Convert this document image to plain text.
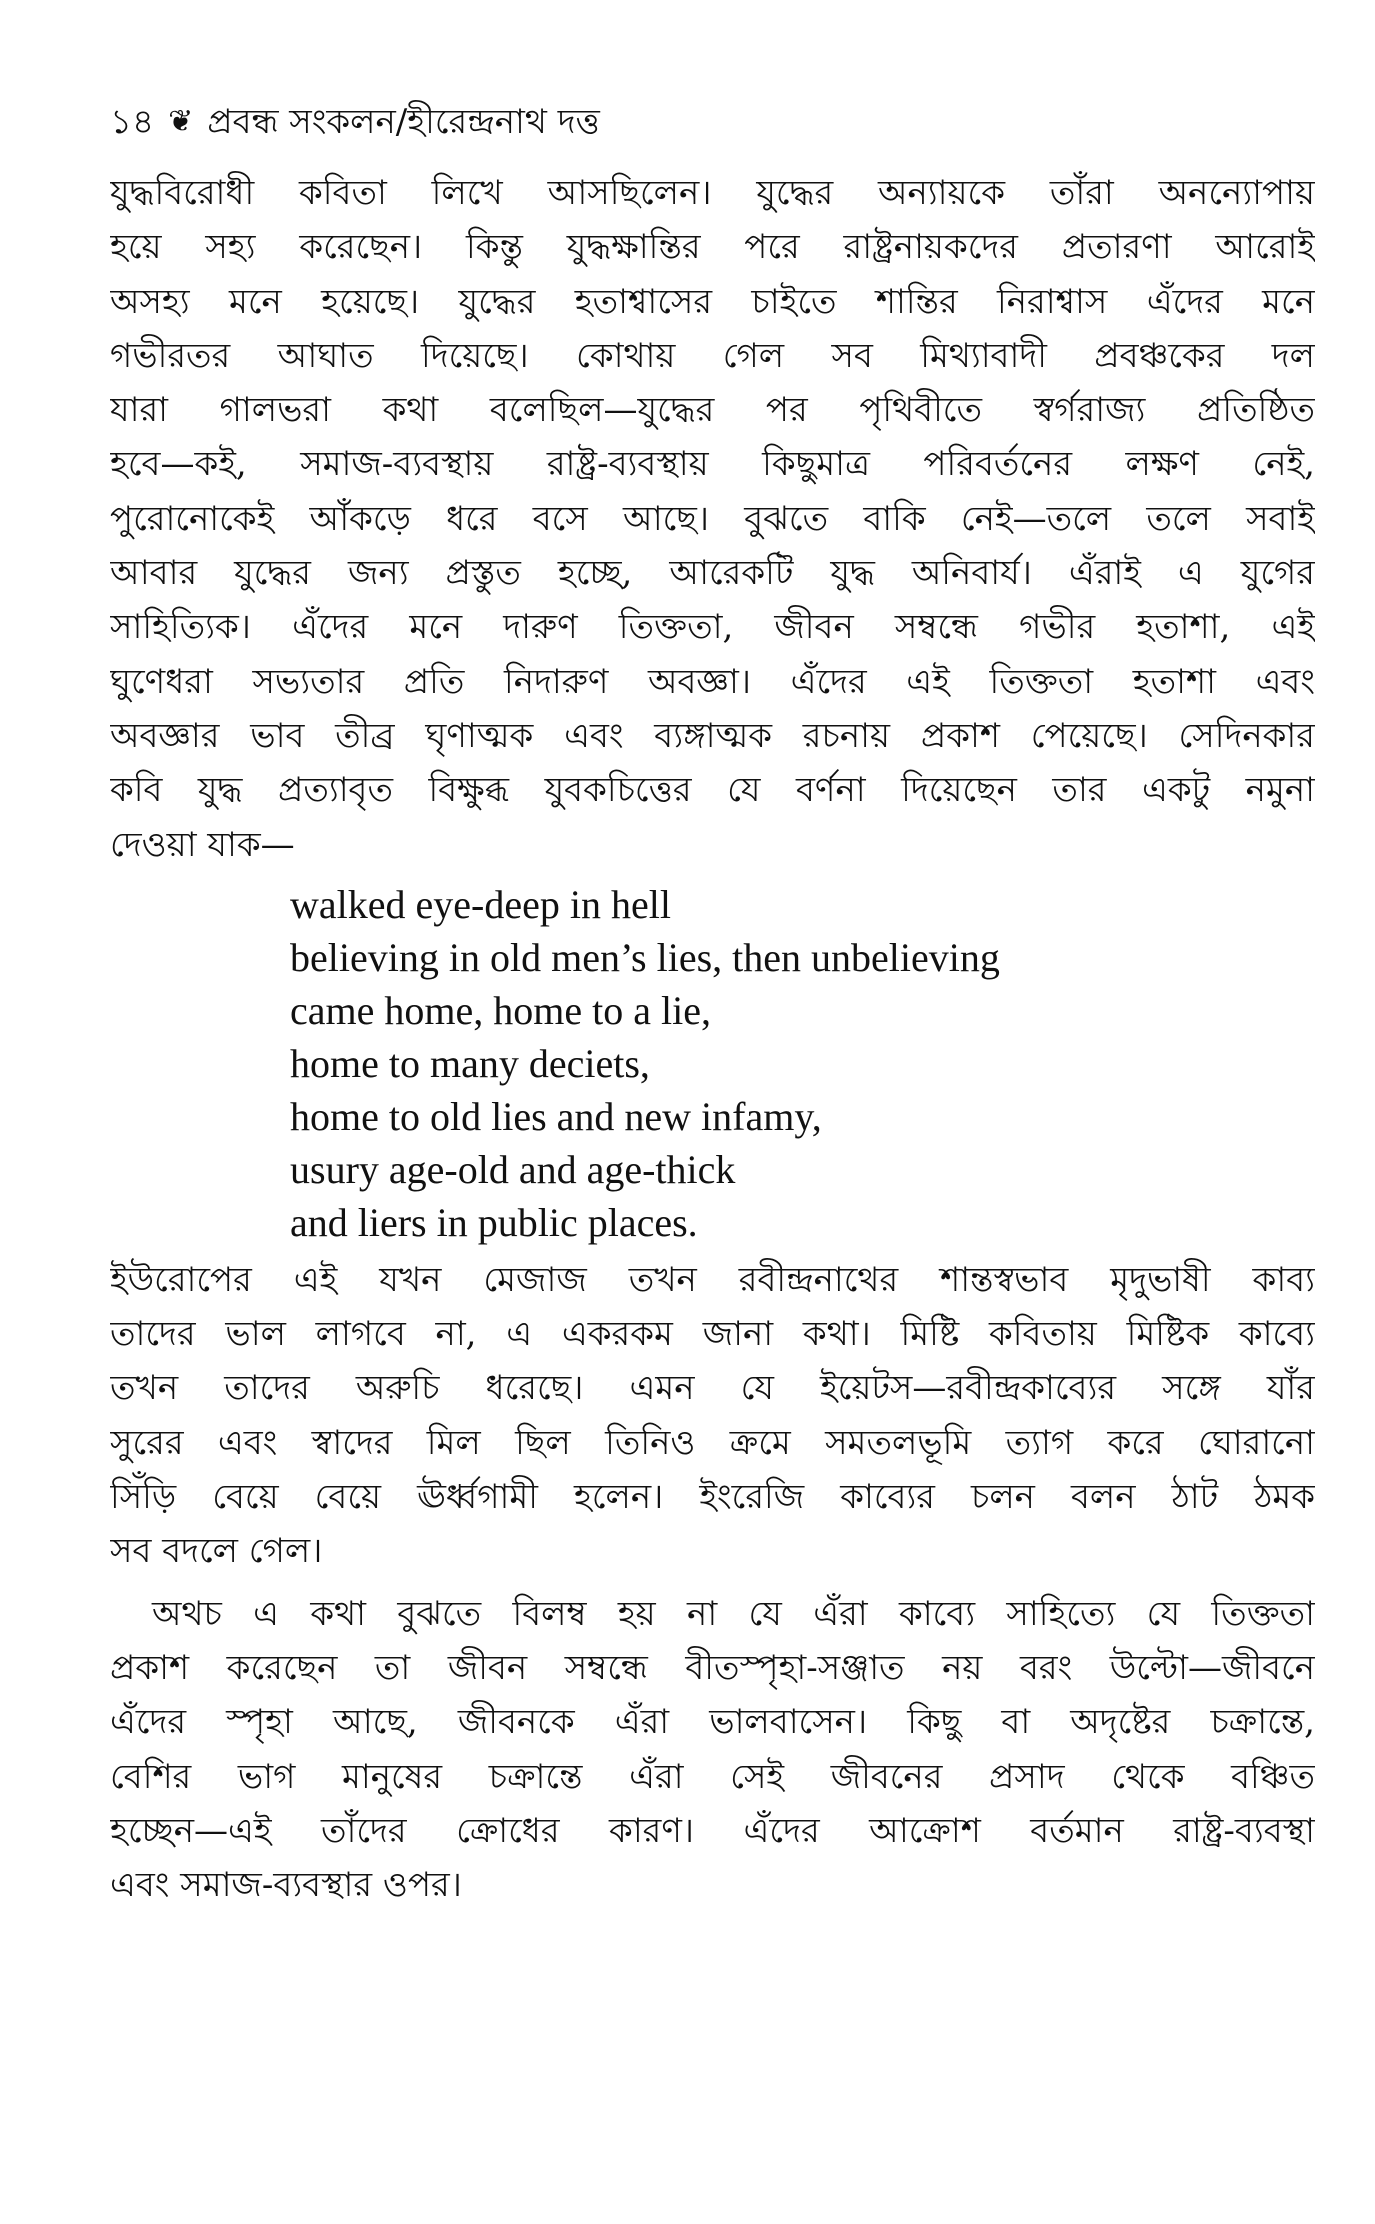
১৪ ❦ প্রবন্ধ সংকলন/হীরেন্দ্রনাথ দত্ত
যুদ্ধবিরোধী কবিতা লিখে আসছিলেন। যুদ্ধের অন্যায়কে তাঁরা অনন্যোপায়
হয়ে সহ্য করেছেন। কিন্তু যুদ্ধক্ষান্তির পরে রাষ্ট্রনায়কদের প্রতারণা আরোই
অসহ্য মনে হয়েছে। যুদ্ধের হতাশ্বাসের চাইতে শান্তির নিরাশ্বাস এঁদের মনে
গভীরতর আঘাত দিয়েছে। কোথায় গেল সব মিথ্যাবাদী প্রবঞ্চকের দল
যারা গালভরা কথা বলেছিল—যুদ্ধের পর পৃথিবীতে স্বর্গরাজ্য প্রতিষ্ঠিত
হবে—কই, সমাজ-ব্যবস্থায় রাষ্ট্র-ব্যবস্থায় কিছুমাত্র পরিবর্তনের লক্ষণ নেই,
পুরোনোকেই আঁকড়ে ধরে বসে আছে। বুঝতে বাকি নেই—তলে তলে সবাই
আবার যুদ্ধের জন্য প্রস্তুত হচ্ছে, আরেকটি যুদ্ধ অনিবার্য। এঁরাই এ যুগের
সাহিত্যিক। এঁদের মনে দারুণ তিক্ততা, জীবন সম্বন্ধে গভীর হতাশা, এই
ঘুণেধরা সভ্যতার প্রতি নিদারুণ অবজ্ঞা। এঁদের এই তিক্ততা হতাশা এবং
অবজ্ঞার ভাব তীব্র ঘৃণাত্মক এবং ব্যঙ্গাত্মক রচনায় প্রকাশ পেয়েছে। সেদিনকার
কবি যুদ্ধ প্রত্যাবৃত বিক্ষুব্ধ যুবকচিত্তের যে বর্ণনা দিয়েছেন তার একটু নমুনা
দেওয়া যাক—
walked eye-deep in hell
believing in old men’s lies, then unbelieving
came home, home to a lie,
home to many deciets,
home to old lies and new infamy,
usury age-old and age-thick
and liers in public places.
ইউরোপের এই যখন মেজাজ তখন রবীন্দ্রনাথের শান্তস্বভাব মৃদুভাষী কাব্য
তাদের ভাল লাগবে না, এ একরকম জানা কথা। মিষ্টি কবিতায় মিষ্টিক কাব্যে
তখন তাদের অরুচি ধরেছে। এমন যে ইয়েটস—রবীন্দ্রকাব্যের সঙ্গে যাঁর
সুরের এবং স্বাদের মিল ছিল তিনিও ক্রমে সমতলভূমি ত্যাগ করে ঘোরানো
সিঁড়ি বেয়ে বেয়ে ঊর্ধ্বগামী হলেন। ইংরেজি কাব্যের চলন বলন ঠাট ঠমক
সব বদলে গেল।
অথচ এ কথা বুঝতে বিলম্ব হয় না যে এঁরা কাব্যে সাহিত্যে যে তিক্ততা
প্রকাশ করেছেন তা জীবন সম্বন্ধে বীতস্পৃহা-সঞ্জাত নয় বরং উল্টো—জীবনে
এঁদের স্পৃহা আছে, জীবনকে এঁরা ভালবাসেন। কিছু বা অদৃষ্টের চক্রান্তে,
বেশির ভাগ মানুষের চক্রান্তে এঁরা সেই জীবনের প্রসাদ থেকে বঞ্চিত
হচ্ছেন—এই তাঁদের ক্রোধের কারণ। এঁদের আক্রোশ বর্তমান রাষ্ট্র-ব্যবস্থা
এবং সমাজ-ব্যবস্থার ওপর।
